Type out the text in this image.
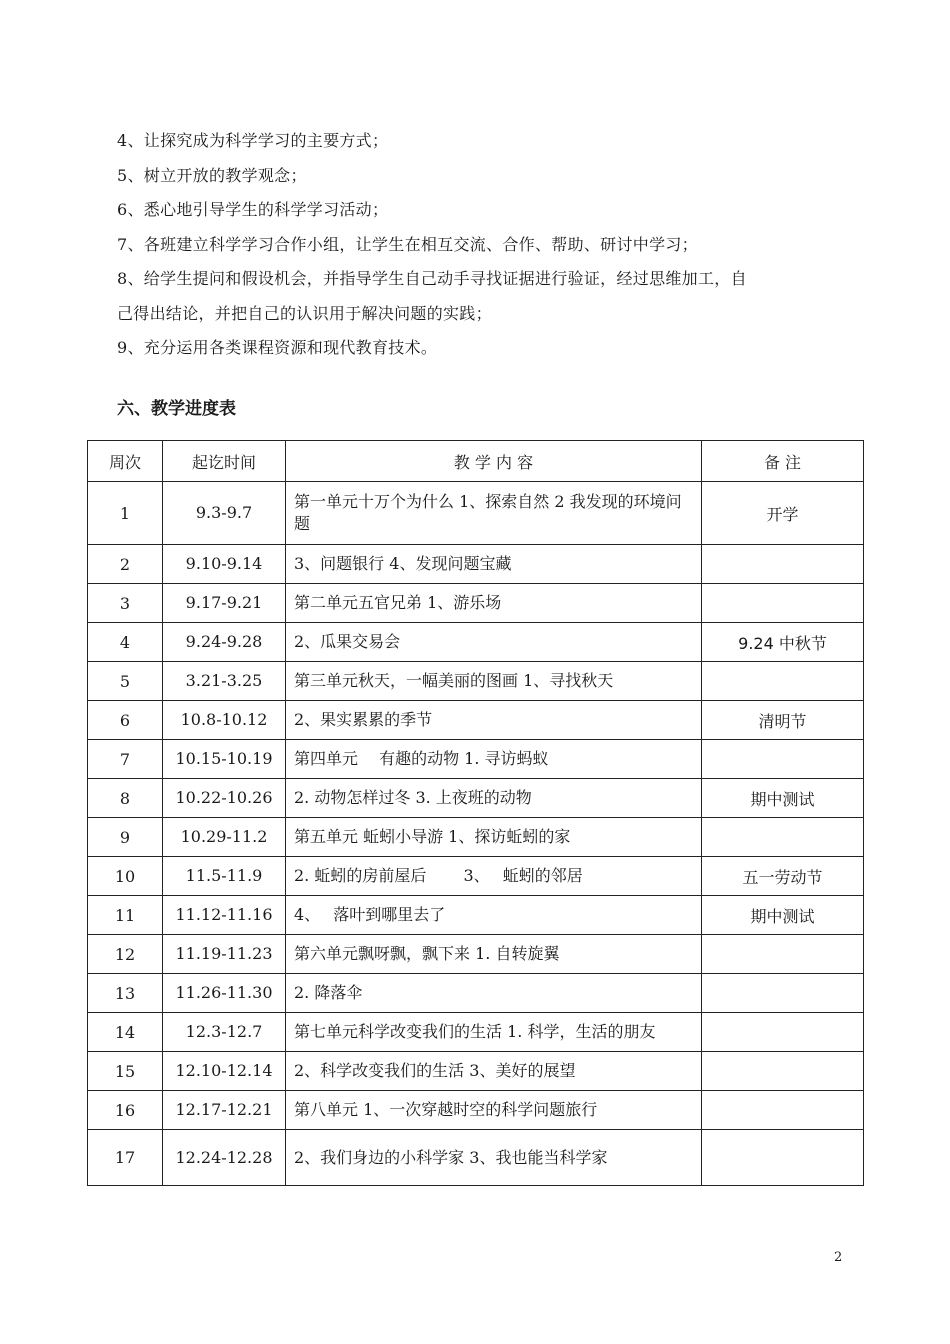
4、让探究成为科学学习的主要方式；

5、树立开放的教学观念；

6、悉心地引导学生的科学学习活动；

7、各班建立科学学习合作小组，让学生在相互交流、合作、帮助、研讨中学习；

8、给学生提问和假设机会，并指导学生自己动手寻找证据进行验证，经过思维加工，自

己得出结论，并把自己的认识用于解决问题的实践；

9、充分运用各类课程资源和现代教育技术。

六、教学进度表
周次	起讫时间	教 学 内 容	备 注

1	9.3-9.7	第一单元十万个为什么 1、探索自然 2 我发现的环境问题	开学

2	9.10-9.14	3、问题银行 4、发现问题宝藏	

3	9.17-9.21	第二单元五官兄弟 1、游乐场	

4	9.24-9.28	2、瓜果交易会	9.24 中秋节

5	3.21-3.25	第三单元秋天，一幅美丽的图画 1、寻找秋天	

6	10.8-10.12	2、果实累累的季节	清明节

7	10.15-10.19	第四单元　 有趣的动物 1. 寻访蚂蚁	

8	10.22-10.26	2. 动物怎样过冬 3. 上夜班的动物	期中测试

9	10.29-11.2	第五单元 蚯蚓小导游 1、探访蚯蚓的家	

10	11.5-11.9	2. 蚯蚓的房前屋后　　 3、　 蚯蚓的邻居	五一劳动节

11	11.12-11.16	4、　 落叶到哪里去了	期中测试

12	11.19-11.23	第六单元飘呀飘，飘下来 1. 自转旋翼	

13	11.26-11.30	2. 降落伞	

14	12.3-12.7	第七单元科学改变我们的生活 1. 科学，生活的朋友	

15	12.10-12.14	2、科学改变我们的生活 3、美好的展望	

16	12.17-12.21	第八单元 1、一次穿越时空的科学问题旅行	

17	12.24-12.28	2、我们身边的小科学家 3、我也能当科学家	

2
